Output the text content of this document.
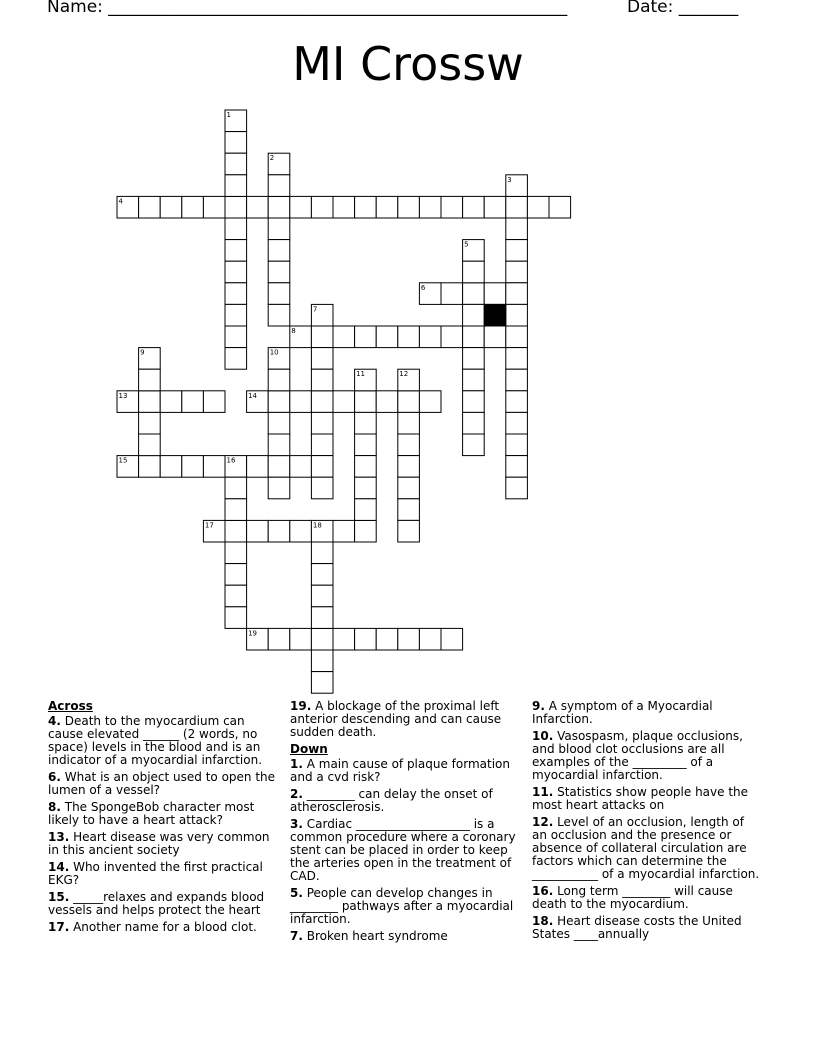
Name: ______________________________________________________	Date: _______
MI Crossw
4
6
8
13	14
15
17
19
1
2
3
5
7
9	10
11	12
16
18
Across
4. Death to the myocardium can cause elevated ______ (2 words, no space) levels in the blood and is an indicator of a myocardial infarction.
6. What is an object used to open the lumen of a vessel?
8. The SpongeBob character most likely to have a heart attack?
13. Heart disease was very common in this ancient society
14. Who invented the first practical EKG?
15. _____relaxes and expands blood vessels and helps protect the heart
17. Another name for a blood clot.
19. A blockage of the proximal left anterior descending and can cause sudden death.
Down
1. A main cause of plaque formation and a cvd risk?
2. ________ can delay the onset of atherosclerosis.
3. Cardiac ___________________ is a common procedure where a coronary stent can be placed in order to keep the arteries open in the treatment of CAD.
5. People can develop changes in ________ pathways after a myocardial infarction.
7. Broken heart syndrome
9. A symptom of a Myocardial Infarction.
10. Vasospasm, plaque occlusions, and blood clot occlusions are all examples of the _________ of a myocardial infarction.
11. Statistics show people have the most heart attacks on
12. Level of an occlusion, length of an occlusion and the presence or absence of collateral circulation are factors which can determine the ___________ of a myocardial infarction.
16. Long term ________ will cause death to the myocardium.
18. Heart disease costs the United States ____annually
